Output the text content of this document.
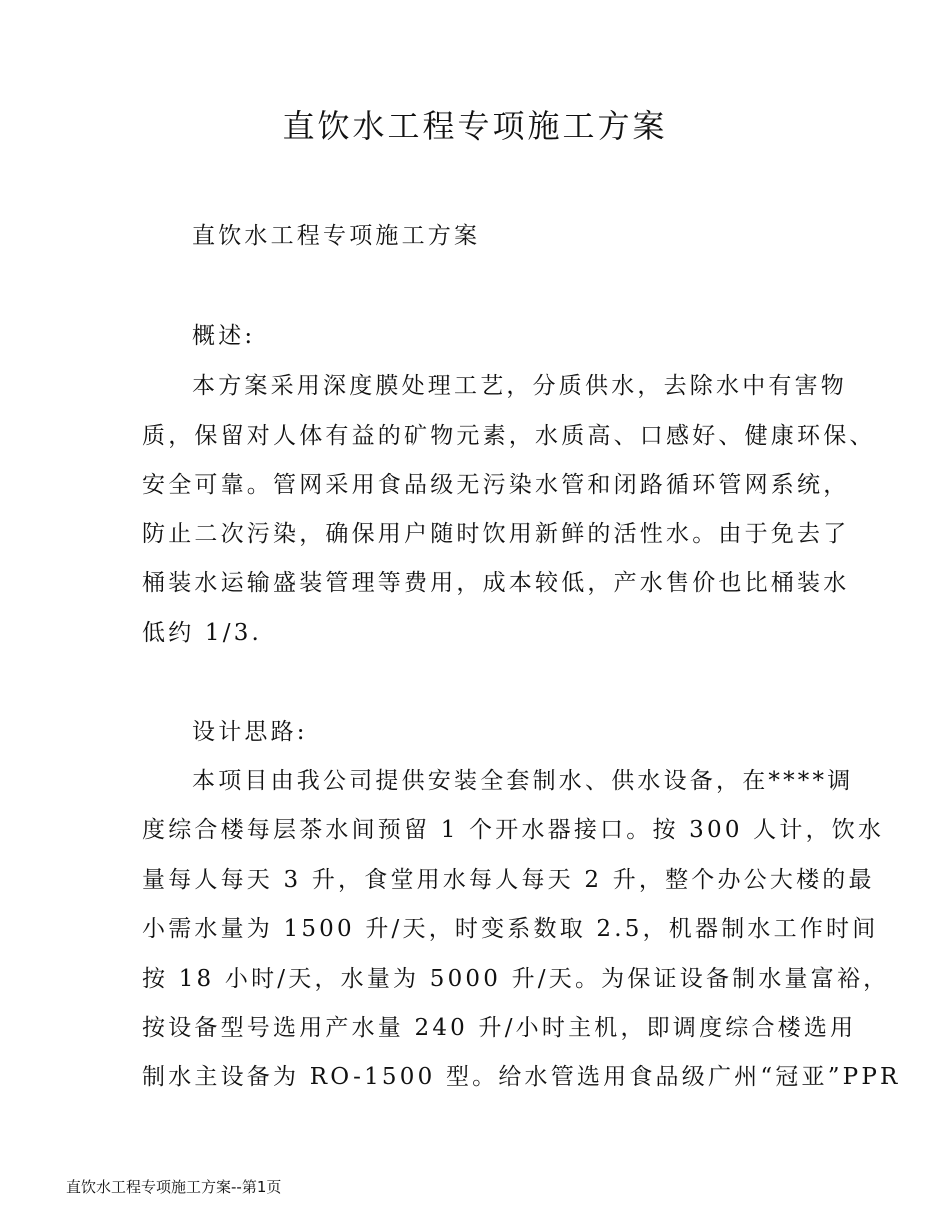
直饮水工程专项施工方案

直饮水工程专项施工方案

概述:

本方案采用深度膜处理工艺，分质供水，去除水中有害物

质，保留对人体有益的矿物元素，水质高、口感好、健康环保、

安全可靠。管网采用食品级无污染水管和闭路循环管网系统，

防止二次污染，确保用户随时饮用新鲜的活性水。由于免去了

桶装水运输盛装管理等费用，成本较低，产水售价也比桶装水

低约 1/3.

设计思路:

本项目由我公司提供安装全套制水、供水设备，在****调

度综合楼每层茶水间预留 1 个开水器接口。按 300 人计，饮水

量每人每天 3 升，食堂用水每人每天 2 升，整个办公大楼的最

小需水量为 1500 升/天，时变系数取 2.5，机器制水工作时间

按 18 小时/天，水量为 5000 升/天。为保证设备制水量富裕，

按设备型号选用产水量 240 升/小时主机，即调度综合楼选用

制水主设备为 RO-1500 型。给水管选用食品级广州“冠亚”PPR

直饮水工程专项施工方案--第1页
